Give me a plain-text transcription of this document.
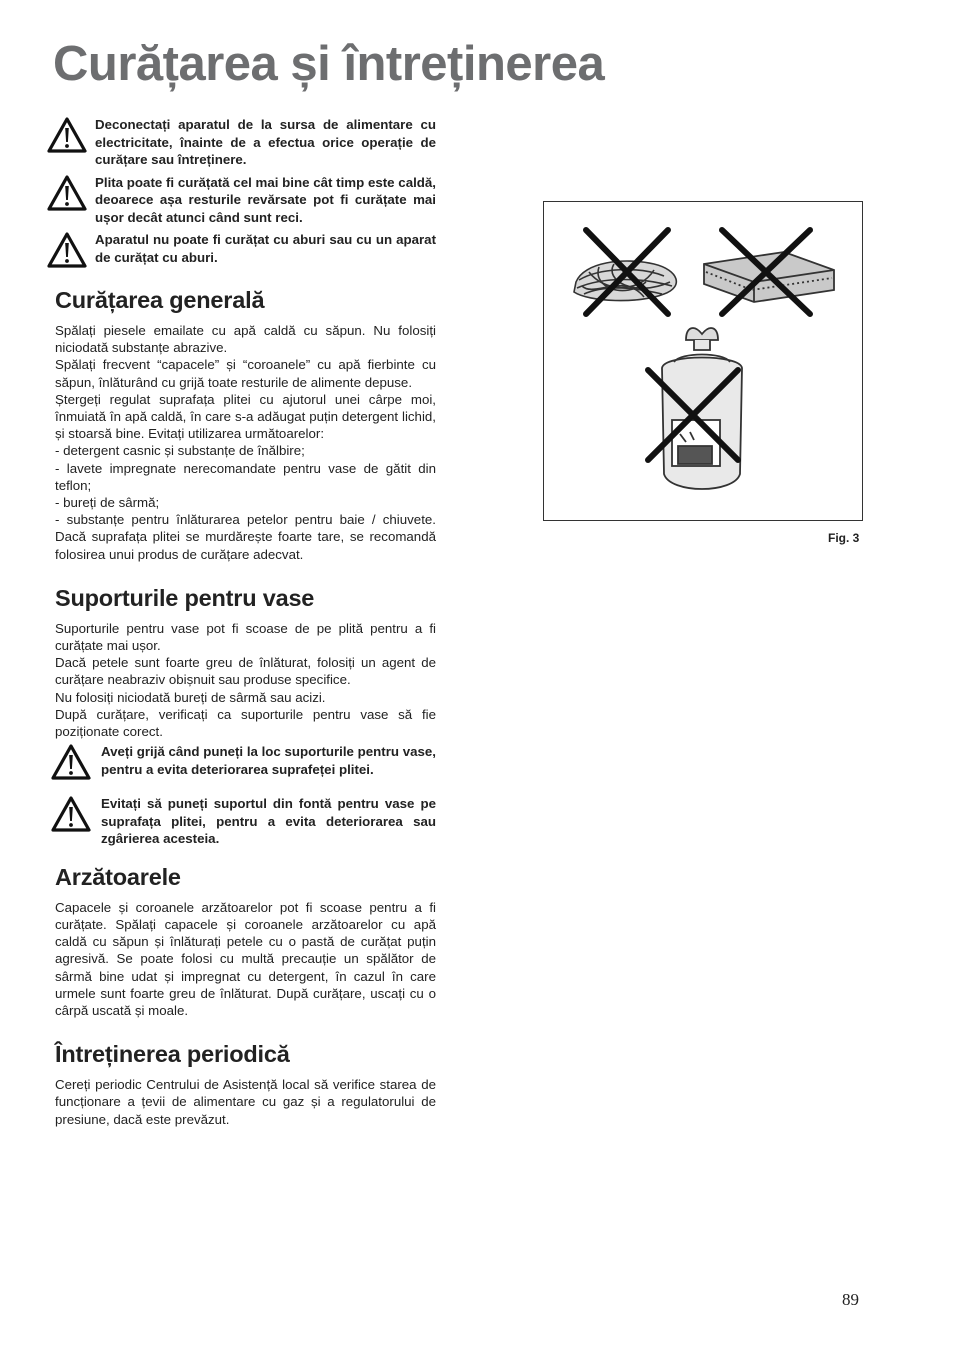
Curățarea și întreținerea
Deconectați aparatul de la sursa de alimentare cu electricitate, înainte de a efectua orice operație de curățare sau întreținere.
Plita poate fi curățată cel mai bine cât timp este caldă, deoarece așa resturile revărsate pot fi curățate mai ușor decât atunci când sunt reci.
Aparatul nu poate fi curățat cu aburi sau cu un aparat de curățat cu aburi.
Curățarea generală

Spălați piesele emailate cu apă caldă cu săpun. Nu folosiți niciodată substanțe abrazive.
Spălați frecvent “capacele” și “coroanele” cu apă fierbinte cu săpun, înlăturând cu grijă toate resturile de alimente depuse.
Ștergeți regulat suprafața plitei cu ajutorul unei cârpe moi, înmuiată în apă caldă, în care s-a adăugat puțin detergent lichid, și stoarsă bine. Evitați utilizarea următoarelor:
- detergent casnic și substanțe de înălbire;
- lavete impregnate nerecomandate pentru vase de gătit din teflon;
- bureți de sârmă;
- substanțe pentru înlăturarea petelor pentru baie / chiuvete. Dacă suprafața plitei se murdărește foarte tare, se recomandă folosirea unui produs de curățare adecvat.

Suporturile pentru vase

Suporturile pentru vase pot fi scoase de pe plită pentru a fi curățate mai ușor.
Dacă petele sunt foarte greu de înlăturat, folosiți un agent de curățare neabraziv obișnuit sau produse specifice.
Nu folosiți niciodată bureți de sârmă sau acizi.
După curățare, verificați ca suporturile pentru vase să fie poziționate corect.

Aveți grijă când puneți la loc suporturile pentru vase, pentru a evita deteriorarea suprafeței plitei.
Evitați să puneți suportul din fontă pentru vase pe suprafața plitei, pentru a evita deteriorarea sau zgârierea acesteia.
Arzătoarele

Capacele și coroanele arzătoarelor pot fi scoase pentru a fi curățate. Spălați capacele și coroanele arzătoarelor cu apă caldă cu săpun și înlăturați petele cu o pastă de curățat puțin agresivă. Se poate folosi cu multă precauție un spălător de sârmă bine udat și impregnat cu detergent, în cazul în care urmele sunt foarte greu de înlăturat. După curățare, uscați cu o cârpă uscată și moale.

Întreținerea periodică

Cereți periodic Centrului de Asistență local să verifice starea de funcționare a țevii de alimentare cu gaz și a regulatorului de presiune, dacă este prevăzut.

Fig. 3
89
